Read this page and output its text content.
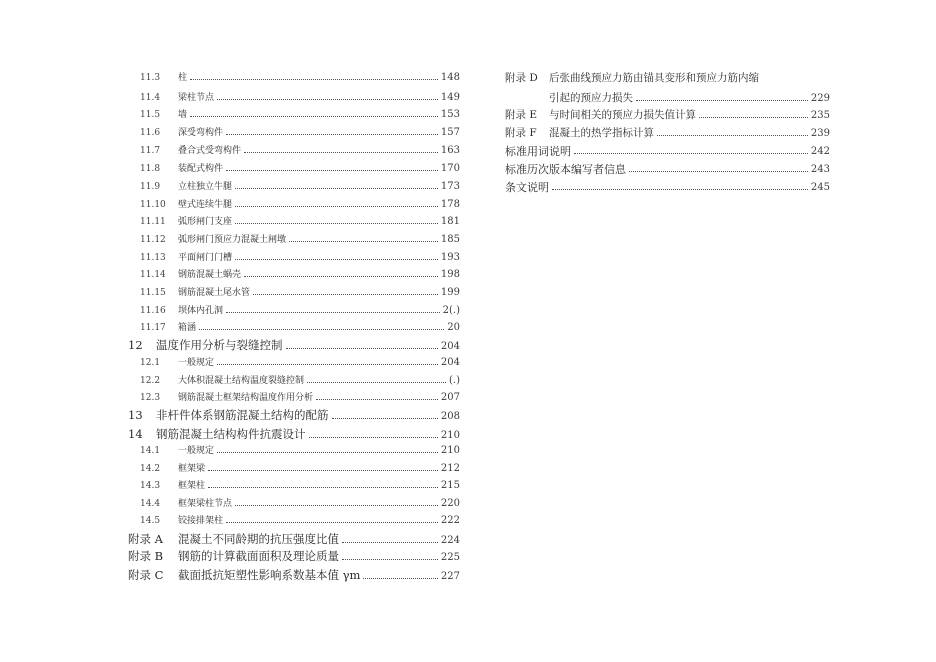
11.3	柱	148
11.4	梁柱节点	149
11.5	墙	153
11.6	深受弯构件	157
11.7	叠合式受弯构件	163
11.8	装配式构件	170
11.9	立柱独立牛腿	173
11.10	壁式连续牛腿	178
11.11	弧形闸门支座	181
11.12	弧形闸门预应力混凝土闸墩	185
11.13	平面闸门门槽	193
11.14	钢筋混凝土蜗壳	198
11.15	钢筋混凝土尾水管	199
11.16	坝体内孔洞	2(.)
11.17	箱涵	20
12	温度作用分析与裂缝控制	204
12.1	一般规定	204
12.2	大体积混凝土结构温度裂缝控制	(.)
12.3	钢筋混凝土框架结构温度作用分析	207
13	非杆件体系钢筋混凝土结构的配筋	208
14	钢筋混凝土结构构件抗震设计	210
14.1	一般规定	210
14.2	框架梁	212
14.3	框架柱	215
14.4	框架梁柱节点	220
14.5	铰接排架柱	222
附录 A	混凝土不同龄期的抗压强度比值	224
附录 B	钢筋的计算截面面积及理论质量	225
附录 C	截面抵抗矩塑性影响系数基本值 γm	227
附录 D	后张曲线预应力筋由锚具变形和预应力筋内缩
引起的预应力损失	229
附录 E	与时间相关的预应力损失值计算	235
附录 F	混凝土的热学指标计算	239
标准用词说明	242
标准历次版本编写者信息	243
条文说明	245
